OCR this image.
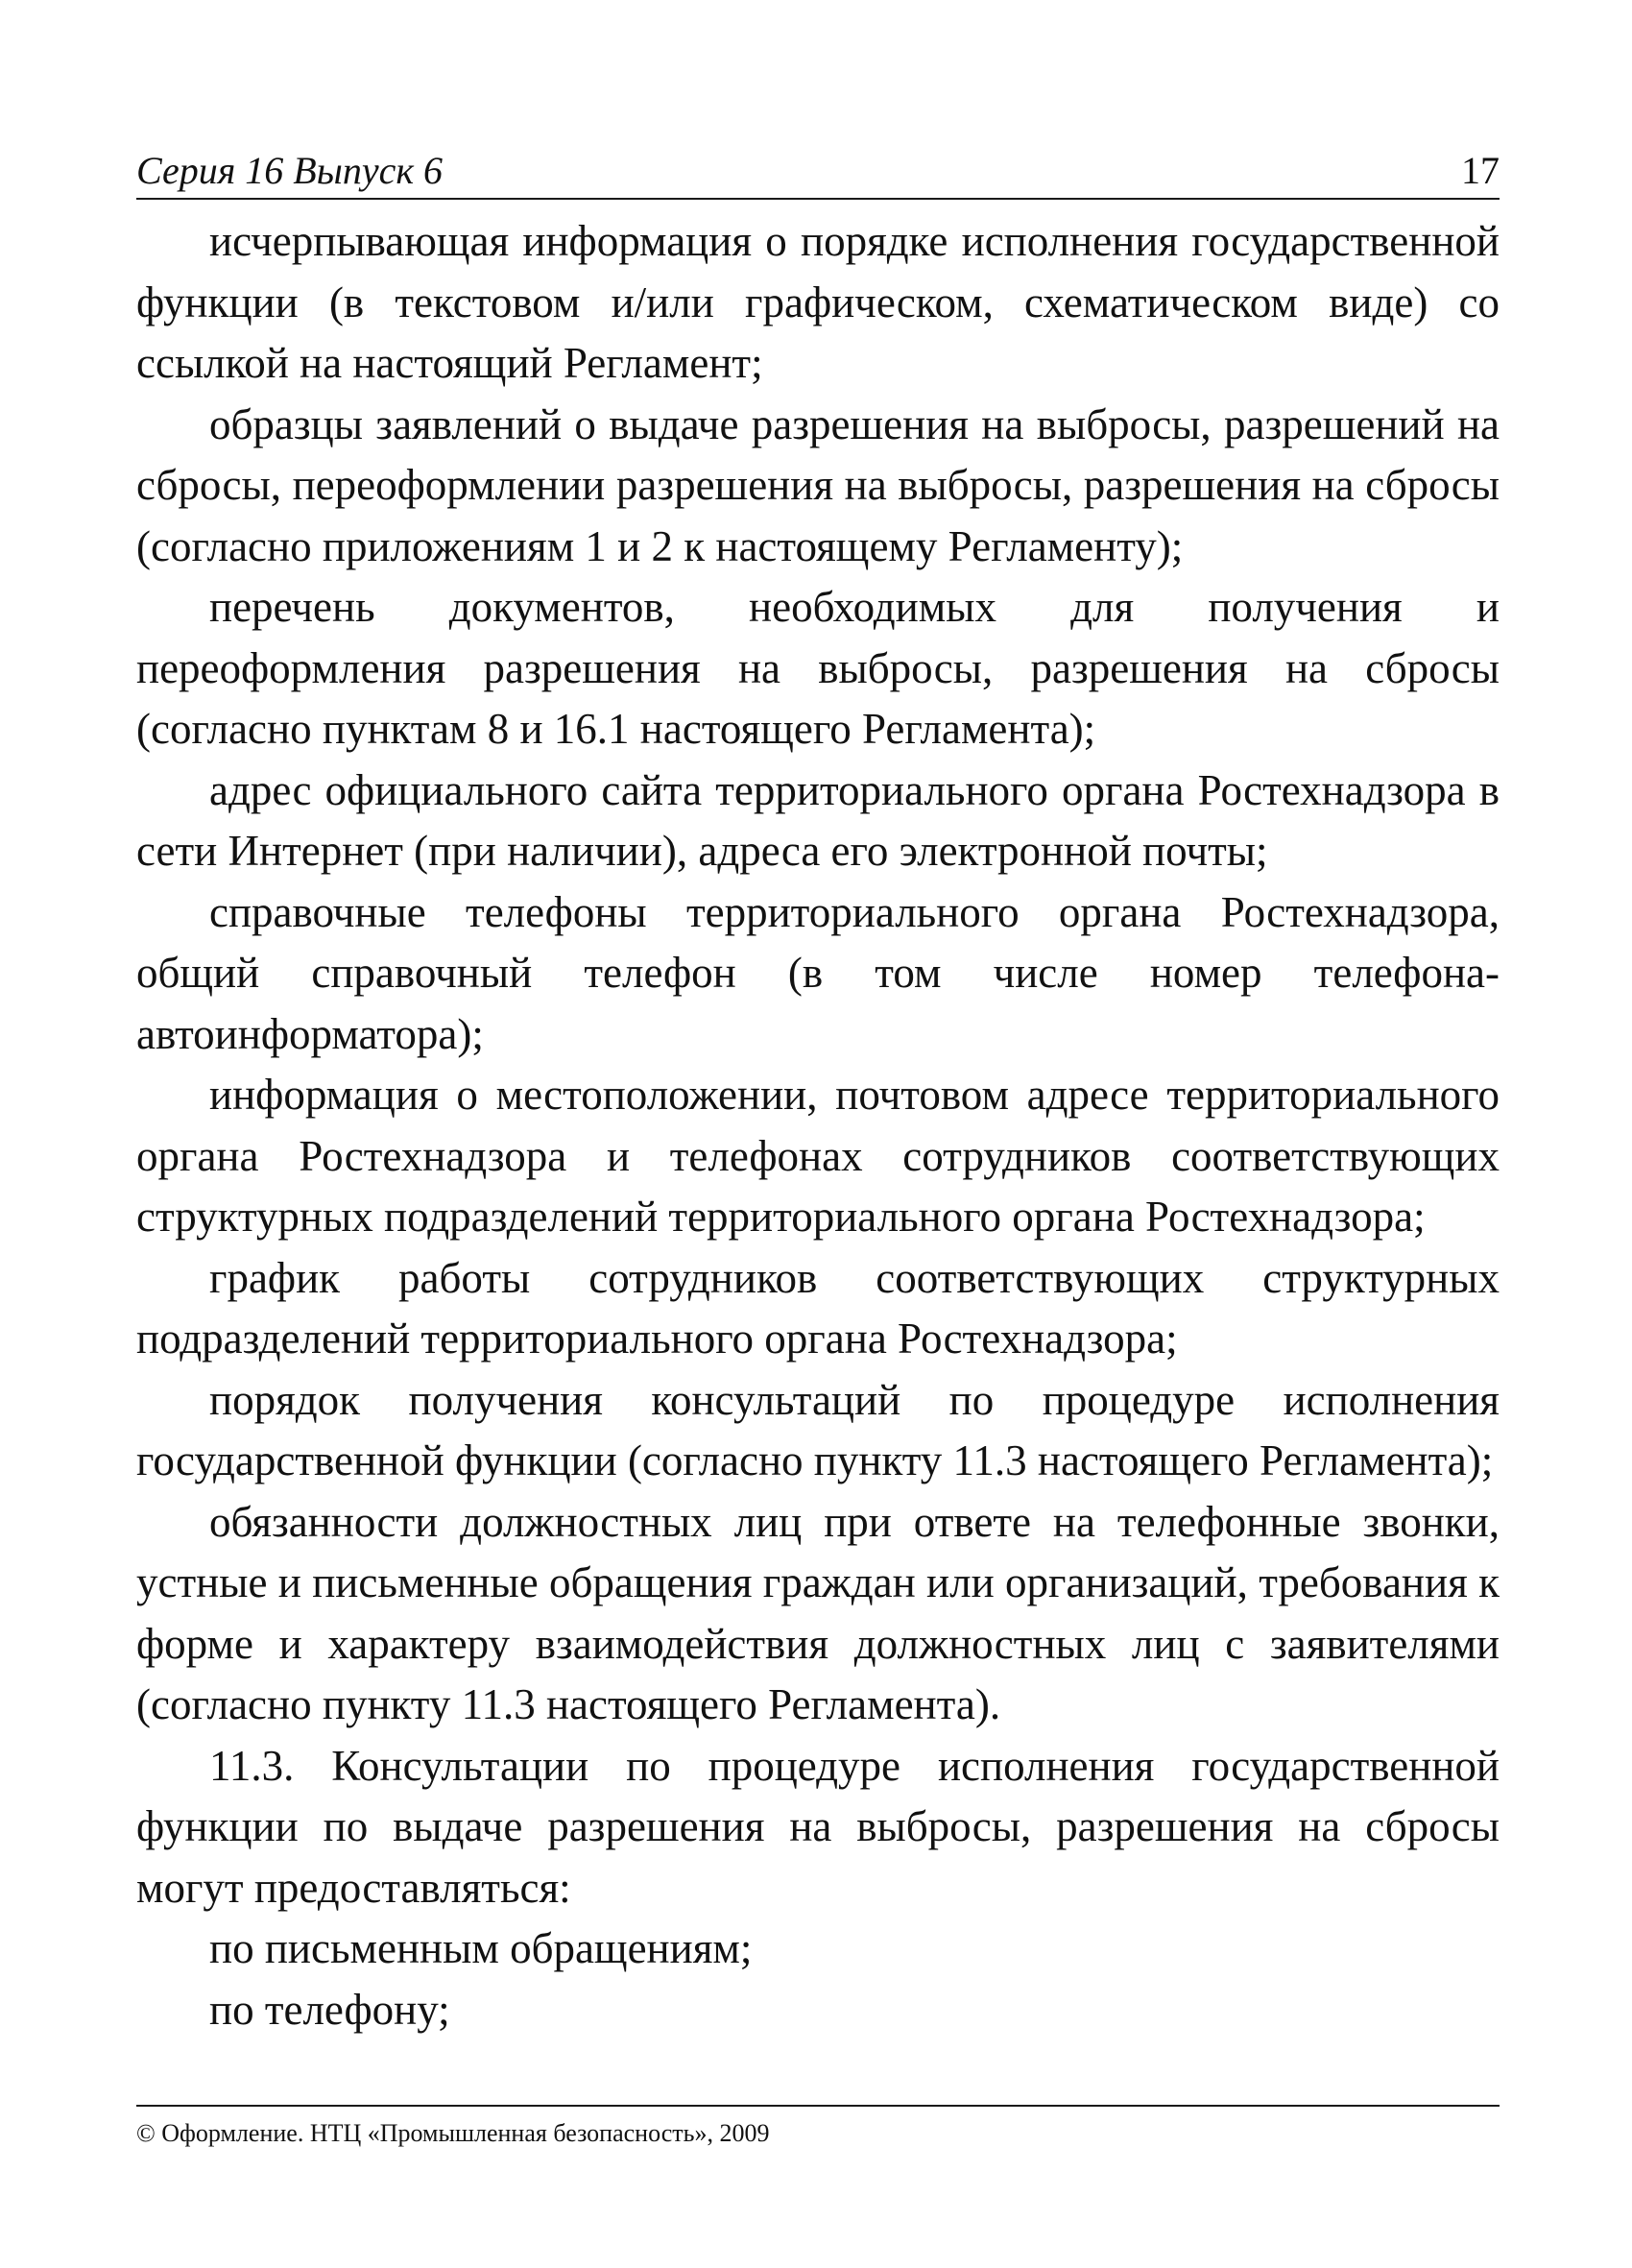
Серия 16 Выпуск 6	17

исчерпывающая информация о порядке исполнения государственной функции (в текстовом и/или графическом, схематическом виде) со ссылкой на настоящий Регламент;

образцы заявлений о выдаче разрешения на выбросы, разрешений на сбросы, переоформлении разрешения на выбросы, разрешения на сбросы (согласно приложениям 1 и 2 к настоящему Регламенту);

перечень документов, необходимых для получения и переоформления разрешения на выбросы, разрешения на сбросы (согласно пунктам 8 и 16.1 настоящего Регламента);

адрес официального сайта территориального органа Ростехнадзора в сети Интернет (при наличии), адреса его электронной почты;

справочные телефоны территориального органа Ростехнадзора, общий справочный телефон (в том числе номер телефона-автоинформатора);

информация о местоположении, почтовом адресе территориального органа Ростехнадзора и телефонах сотрудников соответствующих структурных подразделений территориального органа Ростехнадзора;

график работы сотрудников соответствующих структурных подразделений территориального органа Ростехнадзора;

порядок получения консультаций по процедуре исполнения государственной функции (согласно пункту 11.3 настоящего Регламента);

обязанности должностных лиц при ответе на телефонные звонки, устные и письменные обращения граждан или организаций, требования к форме и характеру взаимодействия должностных лиц с заявителями (согласно пункту 11.3 настоящего Регламента).

11.3. Консультации по процедуре исполнения государственной функции по выдаче разрешения на выбросы, разрешения на сбросы могут предоставляться:

по письменным обращениям;

по телефону;

© Оформление. НТЦ «Промышленная безопасность», 2009
